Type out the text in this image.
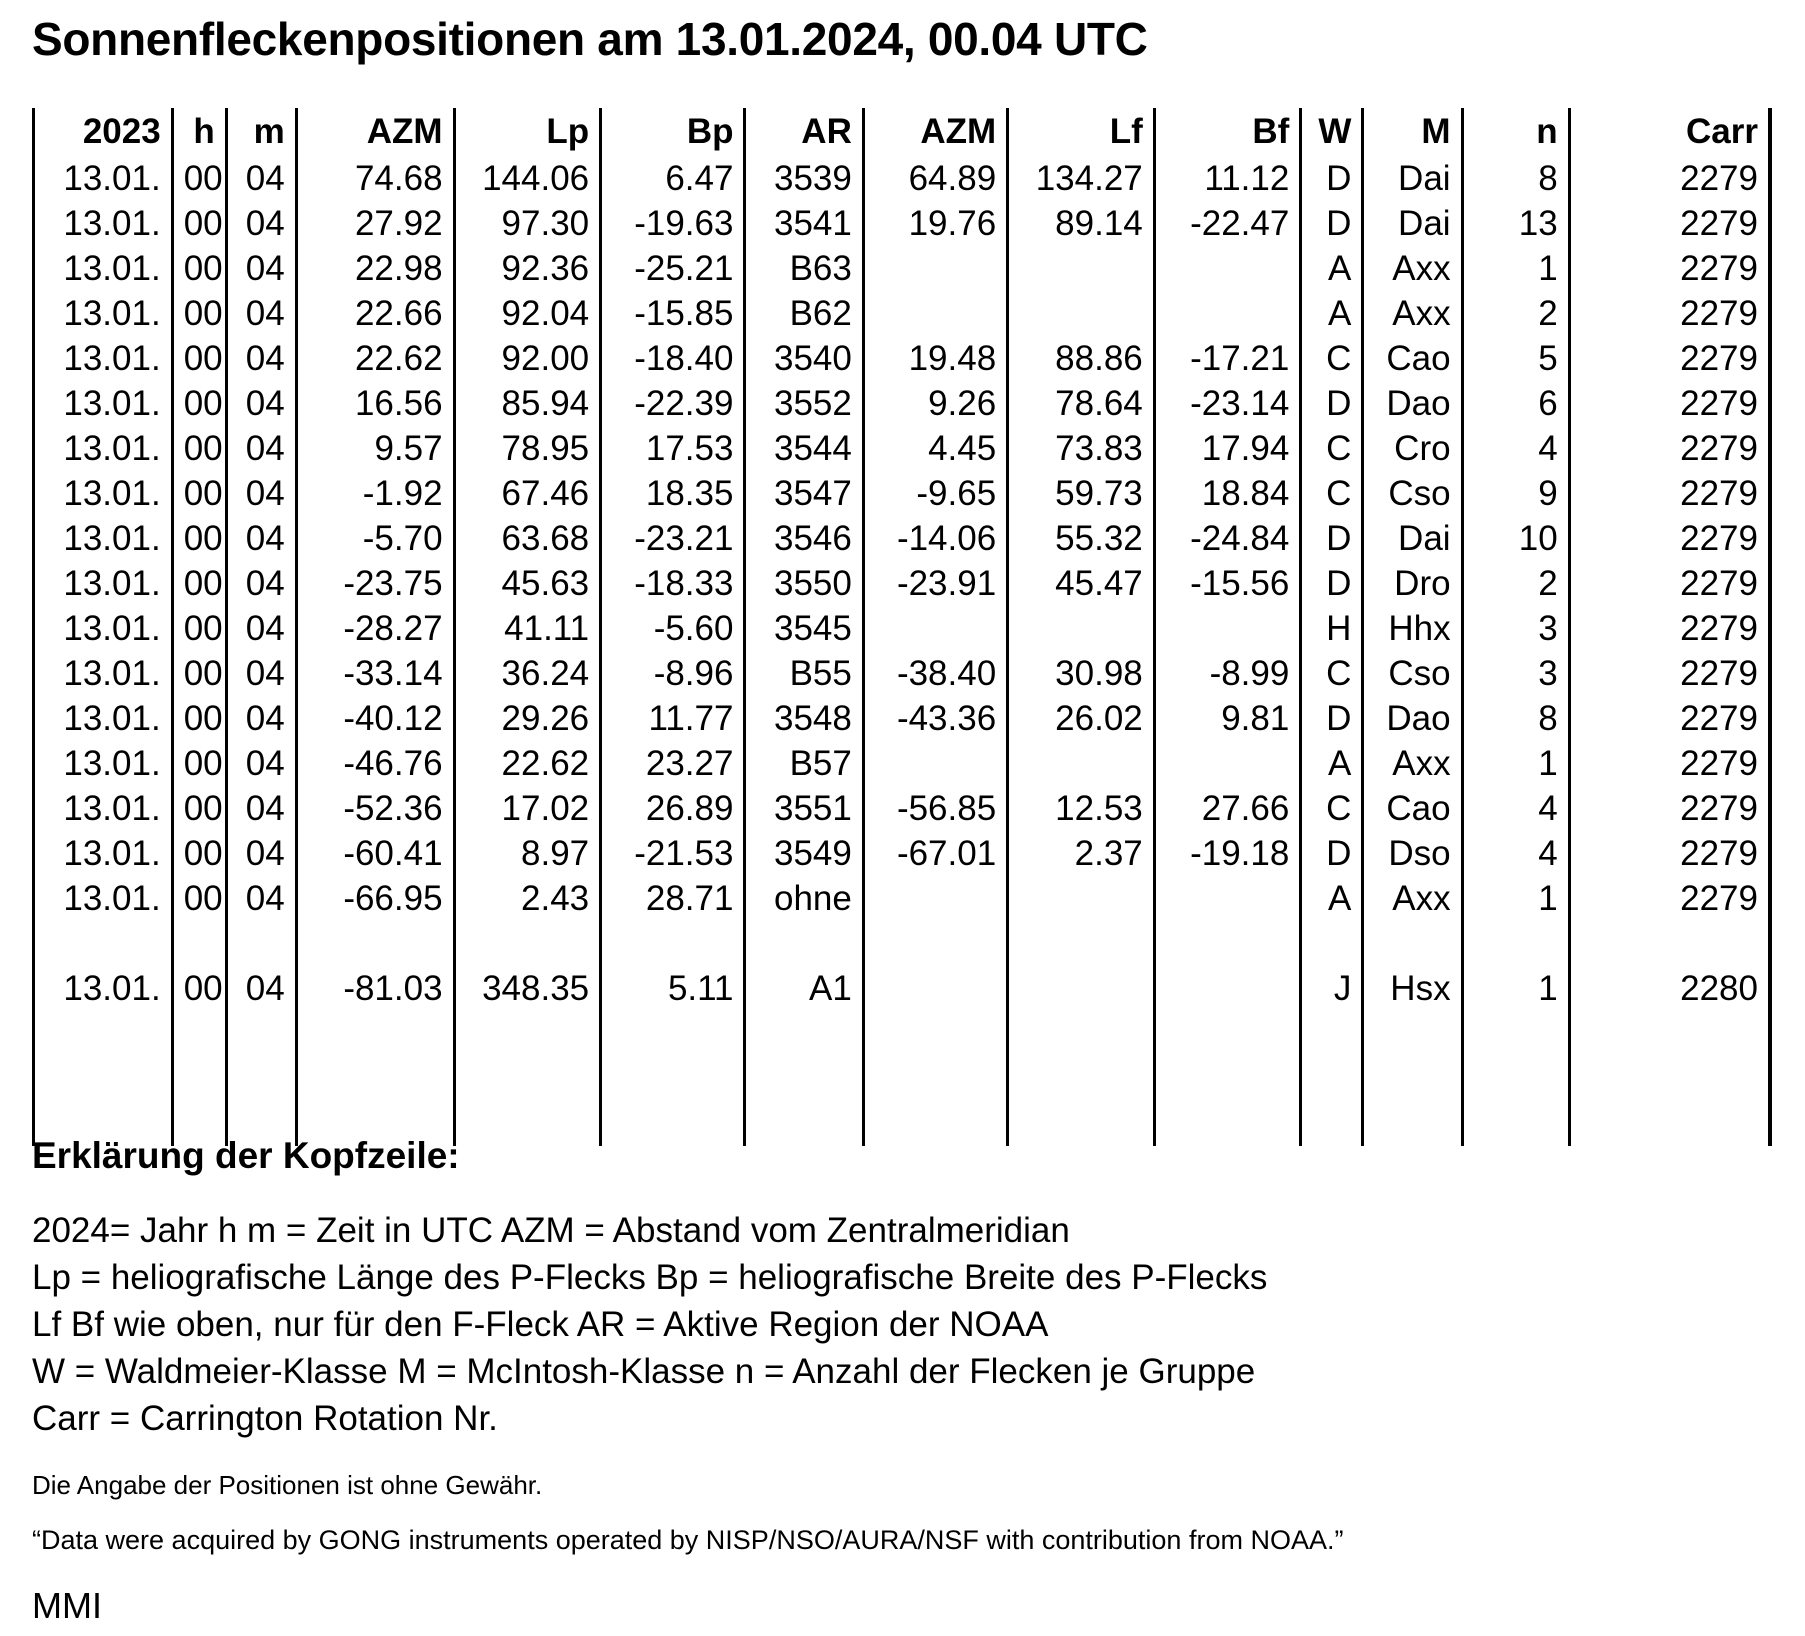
Sonnenfleckenpositionen am 13.01.2024, 00.04 UTC
2023	h	m	AZM	Lp	Bp	AR	AZM	Lf	Bf	W	M	n	Carr
13.01.	00	04	74.68	144.06	6.47	3539	64.89	134.27	11.12	D	Dai	8	2279
13.01.	00	04	27.92	97.30	-19.63	3541	19.76	89.14	-22.47	D	Dai	13	2279
13.01.	00	04	22.98	92.36	-25.21	B63				A	Axx	1	2279
13.01.	00	04	22.66	92.04	-15.85	B62				A	Axx	2	2279
13.01.	00	04	22.62	92.00	-18.40	3540	19.48	88.86	-17.21	C	Cao	5	2279
13.01.	00	04	16.56	85.94	-22.39	3552	9.26	78.64	-23.14	D	Dao	6	2279
13.01.	00	04	9.57	78.95	17.53	3544	4.45	73.83	17.94	C	Cro	4	2279
13.01.	00	04	-1.92	67.46	18.35	3547	-9.65	59.73	18.84	C	Cso	9	2279
13.01.	00	04	-5.70	63.68	-23.21	3546	-14.06	55.32	-24.84	D	Dai	10	2279
13.01.	00	04	-23.75	45.63	-18.33	3550	-23.91	45.47	-15.56	D	Dro	2	2279
13.01.	00	04	-28.27	41.11	-5.60	3545				H	Hhx	3	2279
13.01.	00	04	-33.14	36.24	-8.96	B55	-38.40	30.98	-8.99	C	Cso	3	2279
13.01.	00	04	-40.12	29.26	11.77	3548	-43.36	26.02	9.81	D	Dao	8	2279
13.01.	00	04	-46.76	22.62	23.27	B57				A	Axx	1	2279
13.01.	00	04	-52.36	17.02	26.89	3551	-56.85	12.53	27.66	C	Cao	4	2279
13.01.	00	04	-60.41	8.97	-21.53	3549	-67.01	2.37	-19.18	D	Dso	4	2279
13.01.	00	04	-66.95	2.43	28.71	ohne				A	Axx	1	2279

13.01.	00	04	-81.03	348.35	5.11	A1				J	Hsx	1	2280

Erklärung der Kopfzeile:
2024= Jahr h m = Zeit in UTC AZM = Abstand vom Zentralmeridian
Lp = heliografische Länge des P-Flecks Bp = heliografische Breite des P-Flecks
Lf Bf wie oben, nur für den F-Fleck AR = Aktive Region der NOAA
W = Waldmeier-Klasse M = McIntosh-Klasse n = Anzahl der Flecken je Gruppe
Carr = Carrington Rotation Nr.
Die Angabe der Positionen ist ohne Gewähr.
“Data were acquired by GONG instruments operated by NISP/NSO/AURA/NSF with contribution from NOAA.”
MMI
